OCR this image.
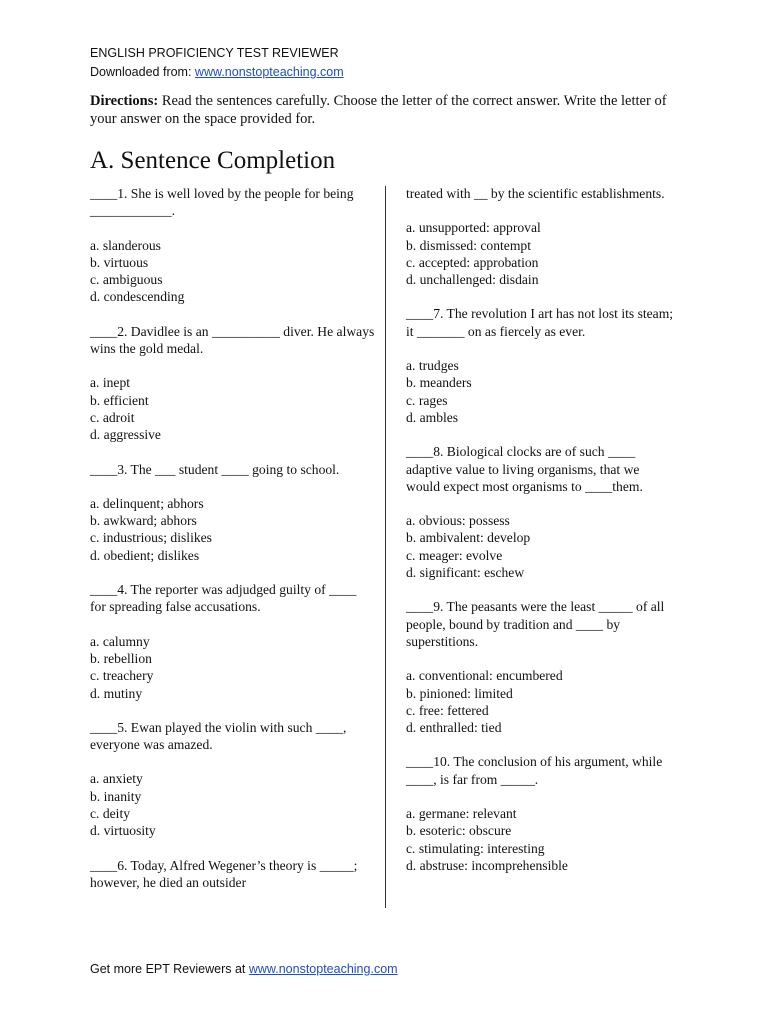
ENGLISH PROFICIENCY TEST REVIEWER
Downloaded from: www.nonstopteaching.com
Directions: Read the sentences carefully. Choose the letter of the correct answer. Write the letter of your answer on the space provided for.
A. Sentence Completion

____1. She is well loved by the people for being ____________.

a. slanderous
b. virtuous
c. ambiguous
d. condescending

____2. Davidlee is an __________ diver. He always wins the gold medal.

a. inept
b. efficient
c. adroit
d. aggressive

____3. The ___ student ____ going to school.

a. delinquent; abhors
b. awkward; abhors
c. industrious; dislikes
d. obedient; dislikes

____4. The reporter was adjudged guilty of ____ for spreading false accusations.

a. calumny
b. rebellion
c. treachery
d. mutiny

____5. Ewan played the violin with such ____, everyone was amazed.

a. anxiety
b. inanity
c. deity
d. virtuosity

____6. Today, Alfred Wegener’s theory is _____; however, he died an outsider

treated with __ by the scientific establishments.

a. unsupported: approval
b. dismissed: contempt
c. accepted: approbation
d. unchallenged: disdain

____7. The revolution I art has not lost its steam; it _______ on as fiercely as ever.

a. trudges
b. meanders
c. rages
d. ambles

____8. Biological clocks are of such ____ adaptive value to living organisms, that we would expect most organisms to ____them.

a. obvious: possess
b. ambivalent: develop
c. meager: evolve
d. significant: eschew

____9. The peasants were the least _____ of all people, bound by tradition and ____ by superstitions.

a. conventional: encumbered
b. pinioned: limited
c. free: fettered
d. enthralled: tied

____10. The conclusion of his argument, while ____, is far from _____.

a. germane: relevant
b. esoteric: obscure
c. stimulating: interesting
d. abstruse: incomprehensible
Get more EPT Reviewers at www.nonstopteaching.com
